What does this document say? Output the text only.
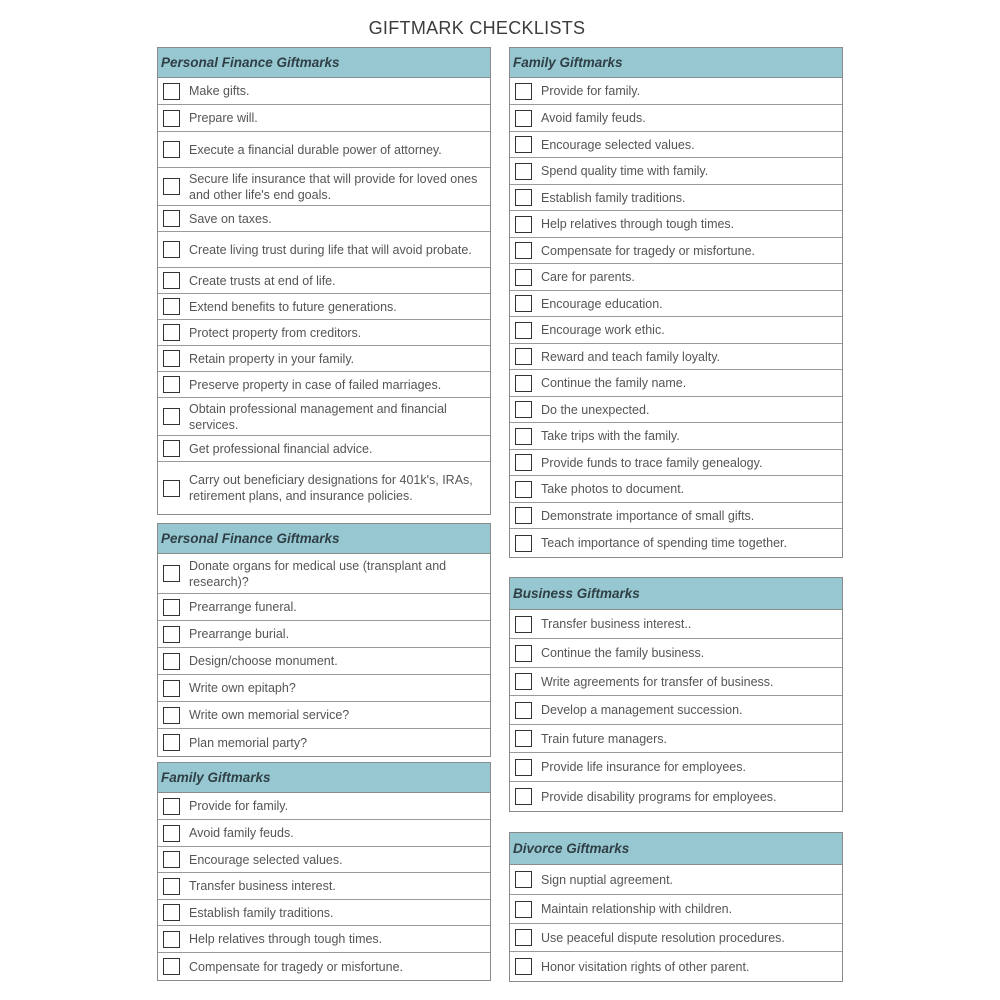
GIFTMARK CHECKLISTS
Personal Finance Giftmarks
Make gifts.
Prepare will.
Execute a financial durable power of attorney.
Secure life insurance that will provide for loved ones and other life's end goals.
Save on taxes.
Create living trust during life that will avoid probate.
Create trusts at end of life.
Extend benefits to future generations.
Protect property from creditors.
Retain property in your family.
Preserve property in case of failed marriages.
Obtain professional management and financial services.
Get professional financial advice.
Carry out beneficiary designations for 401k's, IRAs, retirement plans, and insurance policies.
Personal Finance Giftmarks
Donate organs for medical use (transplant and research)?
Prearrange funeral.
Prearrange burial.
Design/choose monument.
Write own epitaph?
Write own memorial service?
Plan memorial party?
Family Giftmarks
Provide for family.
Avoid family feuds.
Encourage selected values.
Transfer business interest.
Establish family traditions.
Help relatives through tough times.
Compensate for tragedy or misfortune.
Family Giftmarks
Provide for family.
Avoid family feuds.
Encourage selected values.
Spend quality time with family.
Establish family traditions.
Help relatives through tough times.
Compensate for tragedy or misfortune.
Care for parents.
Encourage education.
Encourage work ethic.
Reward and teach family loyalty.
Continue the family name.
Do the unexpected.
Take trips with the family.
Provide funds to trace family genealogy.
Take photos to document.
Demonstrate importance of small gifts.
Teach importance of spending time together.
Business Giftmarks
Transfer business interest..
Continue the family business.
Write agreements for transfer of business.
Develop a management succession.
Train future managers.
Provide life insurance for employees.
Provide disability programs for employees.
Divorce Giftmarks
Sign nuptial agreement.
Maintain relationship with children.
Use peaceful dispute resolution procedures.
Honor visitation rights of other parent.
